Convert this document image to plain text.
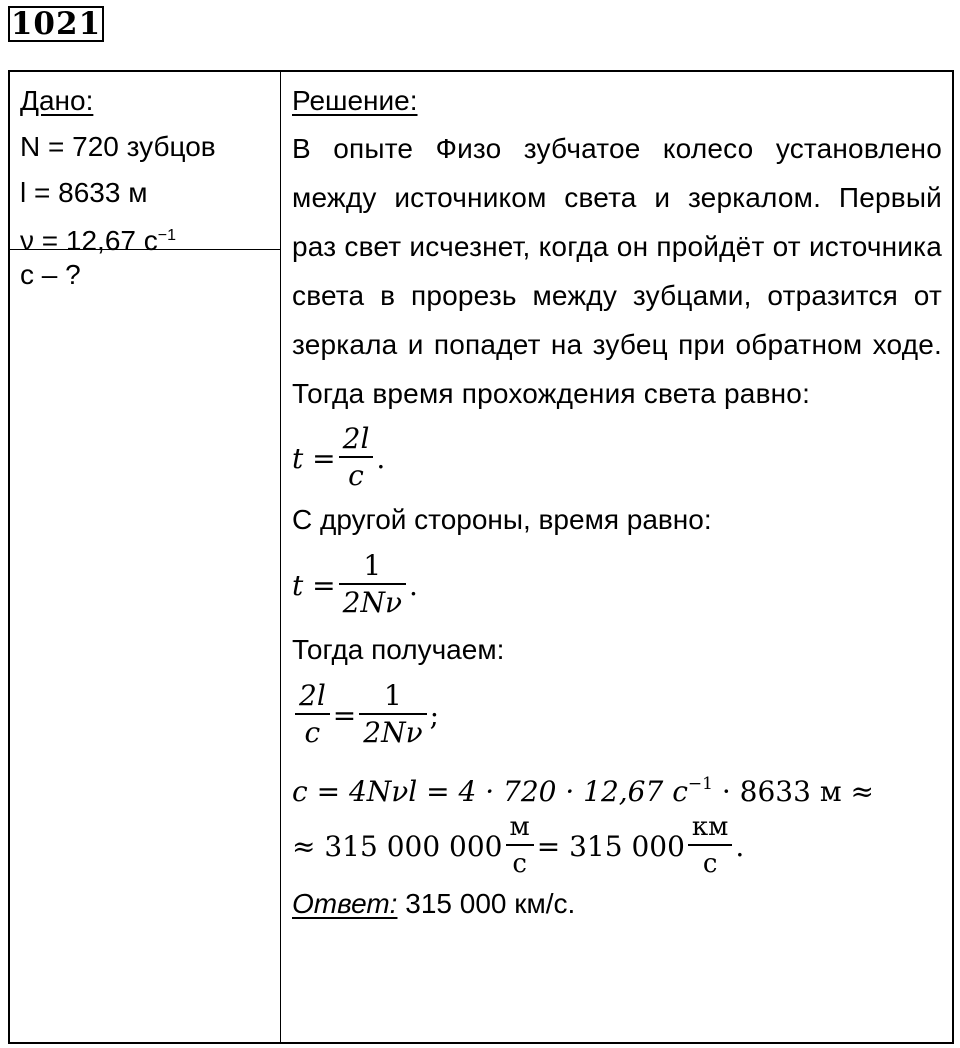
1021
Дано:
N = 720 зубцов
l = 8633 м
ν = 12,67 $с^{-1}$
с – ?
Решение:
В опыте Физо зубчатое колесо установлено между источником света и зеркалом. Первый раз свет исчезнет, когда он пройдёт от источника света в прорезь между зубцами, отразится от зеркала и попадет на зубец при обратном ходе. Тогда время прохождения света равно:
$t = \frac{2l}{c}$ .
С другой стороны, время равно:
$t = \frac{1}{2N\nu}$ .
Тогда получаем:
$\frac{2l}{c} = \frac{1}{2N\nu}$ ;
c = 4Nνl = 4 · 720 · 12,67 $с^{-1} \cdot 8633$ м ≈
≈ 315 000 $000 \frac{м}{с} = 315$ $000 \frac{км}{с}$ .
Ответ: 315 000 км/с.
